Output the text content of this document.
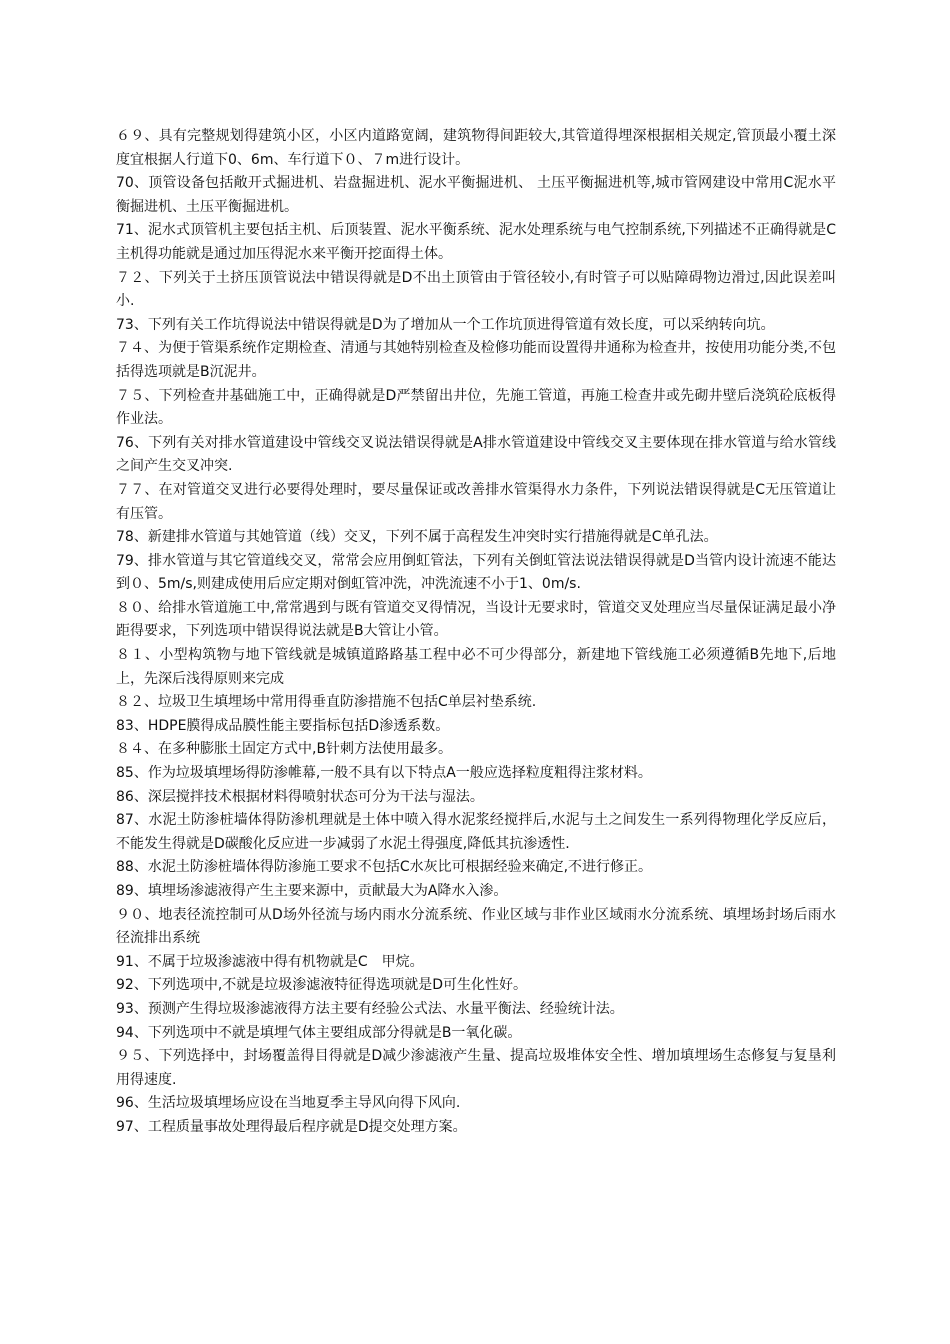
６９、具有完整规划得建筑小区，小区内道路宽阔，建筑物得间距较大,其管道得埋深根据相关规定,管顶最小覆土深度宜根据人行道下0、6m、车行道下０、７m进行设计。

70、顶管设备包括敞开式掘进机、岩盘掘进机、泥水平衡掘进机、 土压平衡掘进机等,城市管网建设中常用C泥水平衡掘进机、土压平衡掘进机。

71、泥水式顶管机主要包括主机、后顶装置、泥水平衡系统、泥水处理系统与电气控制系统,下列描述不正确得就是C主机得功能就是通过加压得泥水来平衡开挖面得土体。

７２、下列关于土挤压顶管说法中错误得就是D不出土顶管由于管径较小,有时管子可以贴障碍物边滑过,因此误差叫小.

73、下列有关工作坑得说法中错误得就是D为了增加从一个工作坑顶进得管道有效长度，可以采纳转向坑。

７４、为便于管渠系统作定期检查、清通与其她特别检查及检修功能而设置得井通称为检查井，按使用功能分类,不包括得选项就是B沉泥井。

７５、下列检查井基础施工中，正确得就是D严禁留出井位，先施工管道，再施工检查井或先砌井壁后浇筑砼底板得作业法。

76、下列有关对排水管道建设中管线交叉说法错误得就是A排水管道建设中管线交叉主要体现在排水管道与给水管线之间产生交叉冲突.

７７、在对管道交叉进行必要得处理时，要尽量保证或改善排水管渠得水力条件，下列说法错误得就是C无压管道让有压管。

78、新建排水管道与其她管道（线）交叉，下列不属于高程发生冲突时实行措施得就是C单孔法。

79、排水管道与其它管道线交叉，常常会应用倒虹管法，下列有关倒虹管法说法错误得就是D当管内设计流速不能达到０、5m/s,则建成使用后应定期对倒虹管冲洗，冲洗流速不小于1、0m/s.

８０、给排水管道施工中,常常遇到与既有管道交叉得情况，当设计无要求时，管道交叉处理应当尽量保证满足最小净距得要求，下列选项中错误得说法就是B大管让小管。

８１、小型构筑物与地下管线就是城镇道路路基工程中必不可少得部分，新建地下管线施工必须遵循B先地下,后地上，先深后浅得原则来完成

８２、垃圾卫生填埋场中常用得垂直防渗措施不包括C单层衬垫系统.

83、HDPE膜得成品膜性能主要指标包括D渗透系数。

８４、在多种膨胀土固定方式中,B针刺方法使用最多。

85、作为垃圾填埋场得防渗帷幕,一般不具有以下特点A一般应选择粒度粗得注浆材料。

86、深层搅拌技术根据材料得喷射状态可分为干法与湿法。

87、水泥土防渗桩墙体得防渗机理就是土体中喷入得水泥浆经搅拌后,水泥与土之间发生一系列得物理化学反应后，不能发生得就是D碳酸化反应进一步减弱了水泥土得强度,降低其抗渗透性.

88、水泥土防渗桩墙体得防渗施工要求不包括C水灰比可根据经验来确定,不进行修正。

89、填埋场渗滤液得产生主要来源中，贡献最大为A降水入渗。

９０、地表径流控制可从D场外径流与场内雨水分流系统、作业区域与非作业区域雨水分流系统、填埋场封场后雨水径流排出系统

91、不属于垃圾渗滤液中得有机物就是C　甲烷。

92、下列选项中,不就是垃圾渗滤液特征得选项就是D可生化性好。

93、预测产生得垃圾渗滤液得方法主要有经验公式法、水量平衡法、经验统计法。

94、下列选项中不就是填埋气体主要组成部分得就是B一氧化碳。

９５、下列选择中，封场覆盖得目得就是D减少渗滤液产生量、提高垃圾堆体安全性、增加填埋场生态修复与复垦利用得速度.

96、生活垃圾填埋场应设在当地夏季主导风向得下风向.

97、工程质量事故处理得最后程序就是D提交处理方案。
